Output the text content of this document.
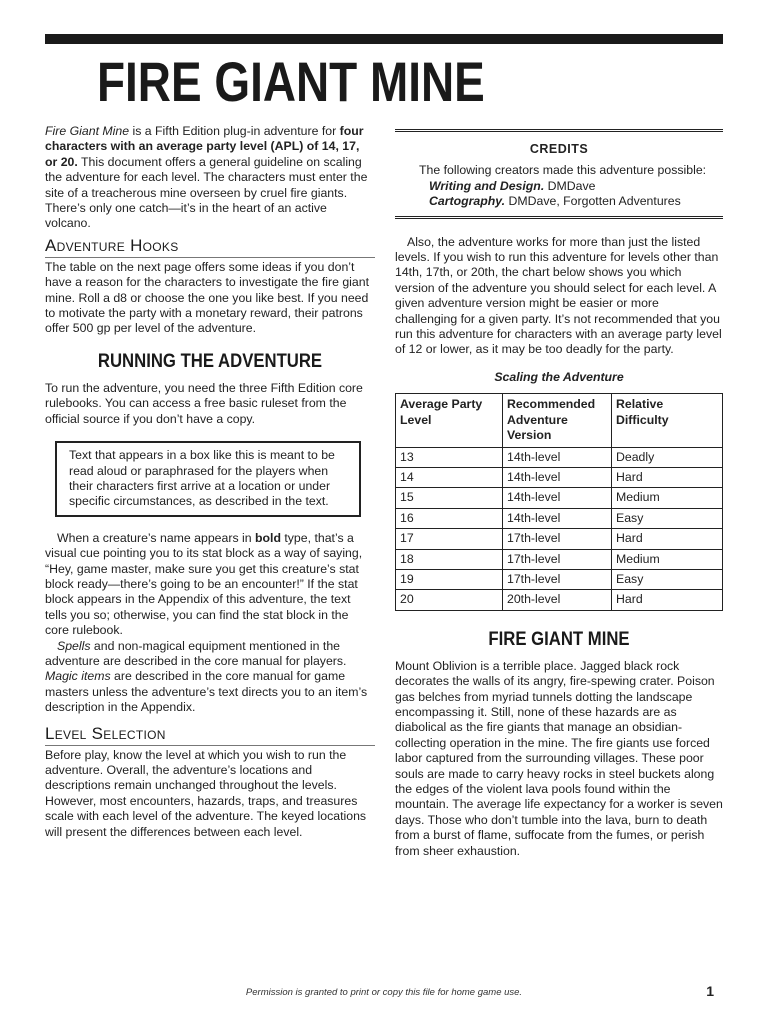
FIRE GIANT MINE

Fire Giant Mine is a Fifth Edition plug-in adventure for four characters with an average party level (APL) of 14, 17, or 20. This document offers a general guideline on scaling the adventure for each level. The characters must enter the site of a treacherous mine overseen by cruel fire giants. There’s only one catch—it’s in the heart of an active volcano.

Adventure Hooks

The table on the next page offers some ideas if you don’t have a reason for the characters to investigate the fire giant mine. Roll a d8 or choose the one you like best. If you need to motivate the party with a monetary reward, their patrons offer 500 gp per level of the adventure.

RUNNING THE ADVENTURE

To run the adventure, you need the three Fifth Edition core rulebooks. You can access a free basic ruleset from the official source if you don’t have a copy.

Text that appears in a box like this is meant to be read aloud or paraphrased for the players when their characters first arrive at a location or under specific circumstances, as described in the text.

When a creature’s name appears in bold type, that’s a visual cue pointing you to its stat block as a way of saying, “Hey, game master, make sure you get this creature’s stat block ready—there’s going to be an encounter!” If the stat block appears in the Appendix of this adventure, the text tells you so; otherwise, you can find the stat block in the core rulebook.

Spells and non-magical equipment mentioned in the adventure are described in the core manual for players. Magic items are described in the core manual for game masters unless the adventure’s text directs you to an item’s description in the Appendix.

Level Selection

Before play, know the level at which you wish to run the adventure. Overall, the adventure’s locations and descriptions remain unchanged throughout the levels. However, most encounters, hazards, traps, and treasures scale with each level of the adventure. The keyed locations will present the differences between each level.

CREDITS

The following creators made this adventure possible:

Writing and Design. DMDave

Cartography. DMDave, Forgotten Adventures

Also, the adventure works for more than just the listed levels. If you wish to run this adventure for levels other than 14th, 17th, or 20th, the chart below shows you which version of the adventure you should select for each level. A given adventure version might be easier or more challenging for a given party. It’s not recommended that you run this adventure for characters with an average party level of 12 or lower, as it may be too deadly for the party.

Scaling the Adventure
Average Party Level	Recommended Adventure Version	Relative Difficulty
13	14th-level	Deadly
14	14th-level	Hard
15	14th-level	Medium
16	14th-level	Easy
17	17th-level	Hard
18	17th-level	Medium
19	17th-level	Easy
20	20th-level	Hard
FIRE GIANT MINE

Mount Oblivion is a terrible place. Jagged black rock decorates the walls of its angry, fire-spewing crater. Poison gas belches from myriad tunnels dotting the landscape encompassing it. Still, none of these hazards are as diabolical as the fire giants that manage an obsidian-collecting operation in the mine. The fire giants use forced labor captured from the surrounding villages. These poor souls are made to carry heavy rocks in steel buckets along the edges of the violent lava pools found within the mountain. The average life expectancy for a worker is seven days. Those who don’t tumble into the lava, burn to death from a burst of flame, suffocate from the fumes, or perish from sheer exhaustion.

Permission is granted to print or copy this file for home game use.	1
